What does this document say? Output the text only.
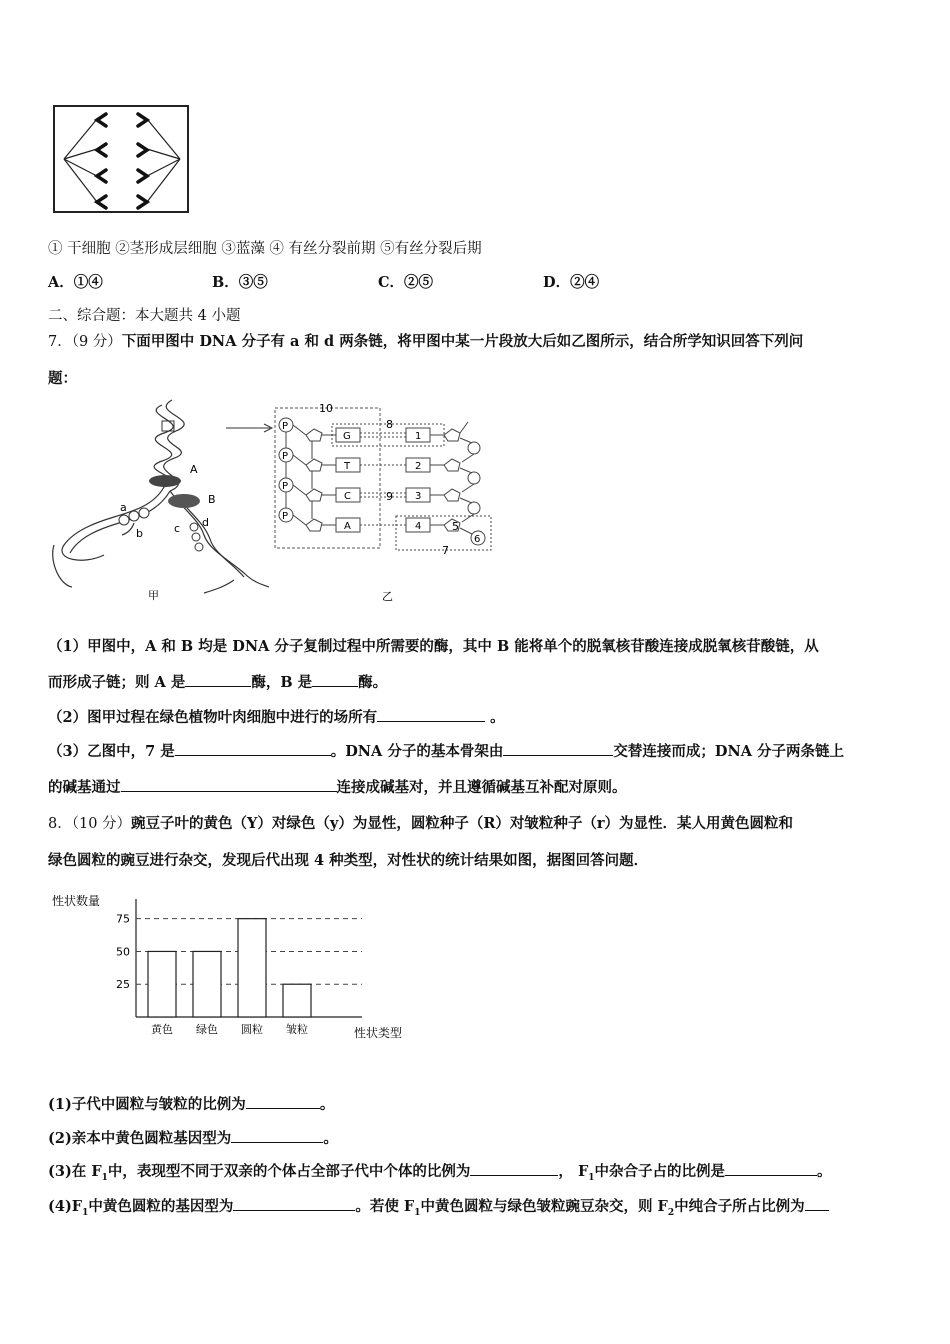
① 干细胞 ②茎形成层细胞 ③蓝藻 ④ 有丝分裂前期 ⑤有丝分裂后期
A．①④	B．③⑤	C．②⑤	D．②④
二、综合题：本大题共 4 小题
7．（9 分）下面甲图中 DNA 分子有 a 和 d 两条链，将甲图中某一片段放大后如乙图所示，结合所学知识回答下列问
题：
A
B
a
b	c d
甲
10
P
P
P
P
G
T
C
A
1
2
3
4
8
9
5
6
7
乙
（1）甲图中，A 和 B 均是 DNA 分子复制过程中所需要的酶，其中 B 能将单个的脱氧核苷酸连接成脱氧核苷酸链，从
而形成子链；则 A 是	酶，B 是	酶。
（2）图甲过程在绿色植物叶肉细胞中进行的场所有	。
（3）乙图中，7 是	。DNA 分子的基本骨架由	交替连接而成；DNA 分子两条链上
的碱基通过	连接成碱基对，并且遵循碱基互补配对原则。
8．（10 分）豌豆子叶的黄色（Y）对绿色（y）为显性，圆粒种子（R）对皱粒种子（r）为显性．某人用黄色圆粒和
绿色圆粒的豌豆进行杂交，发现后代出现 4 种类型，对性状的统计结果如图，据图回答问题．
性状数量
性状类型
25
50
75
黄色 绿色 圆粒 皱粒
(1)子代中圆粒与皱粒的比例为	。
(2)亲本中黄色圆粒基因型为	。
(3)在 $F_1$中，表现型不同于双亲的个体占全部子代中个体的比例为	， $F_1$中杂合子占的比例是	。
$(4)F_1$中黄色圆粒的基因型为	。若使 $F_1$中黄色圆粒与绿色皱粒豌豆杂交，则 $F_2$中纯合子所占比例为
